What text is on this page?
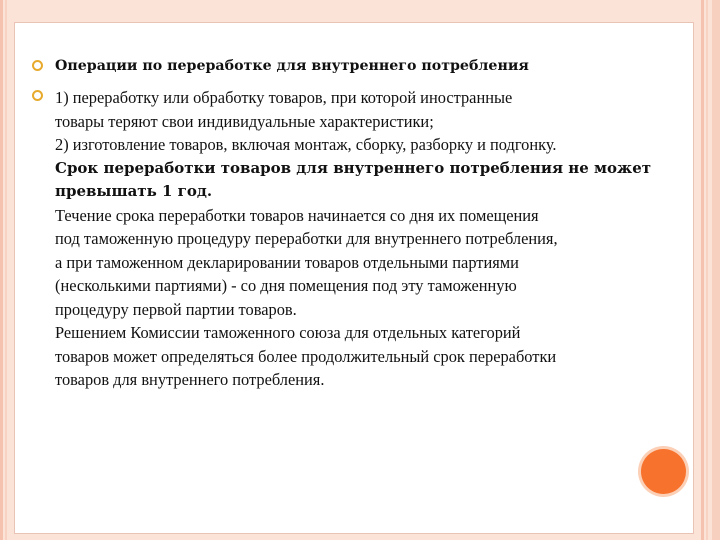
Операции по переработке для внутреннего потребления

1) переработку или обработку товаров, при которой иностранные

товары теряют свои индивидуальные характеристики;

2) изготовление товаров, включая монтаж, сборку, разборку и подгонку.

Срок переработки товаров для внутреннего потребления не может

превышать 1 год.

Течение срока переработки товаров начинается со дня их помещения

под таможенную процедуру переработки для внутреннего потребления,

а при таможенном декларировании товаров отдельными партиями

(несколькими партиями) - со дня помещения под эту таможенную

процедуру первой партии товаров.

Решением Комиссии таможенного союза для отдельных категорий

товаров может определяться более продолжительный срок переработки

товаров для внутреннего потребления.
